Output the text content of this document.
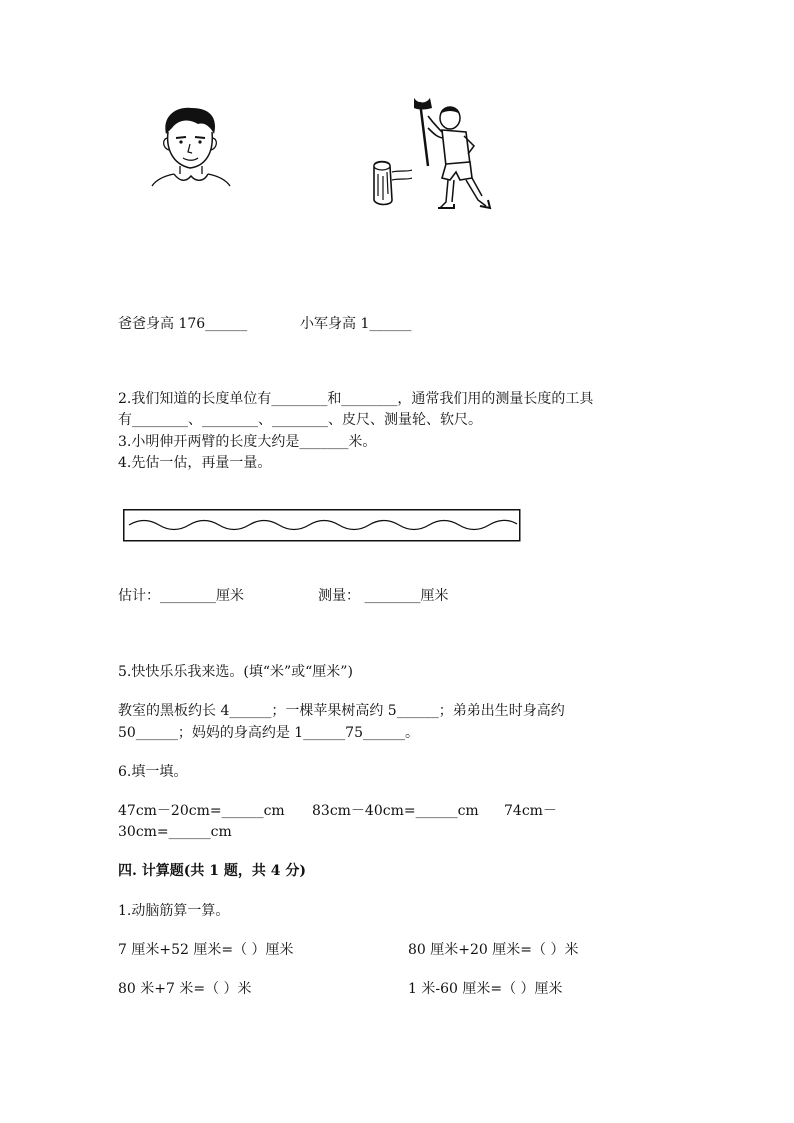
爸爸身高 176______	小军身高 1______
2.我们知道的长度单位有________和________，通常我们用的测量长度的工具
有________、________、________、皮尺、测量轮、软尺。
3.小明伸开两臂的长度大约是_______米。
4.先估一估，再量一量。
估计：________厘米	测量： ________厘米
5.快快乐乐我来选。(填“米”或“厘米”)
教室的黑板约长 4______；一棵苹果树高约 5______；弟弟出生时身高约
50______；妈妈的身高约是 1______75______。
6.填一填。
47cm－20cm=______cm 83cm－40cm=______cm 74cm－
30cm=______cm
四. 计算题(共 1 题，共 4 分)
1.动脑筋算一算。
7 厘米+52 厘米=（ ）厘米	80 厘米+20 厘米=（ ）米
80 米+7 米=（ ）米	1 米-60 厘米=（ ）厘米
